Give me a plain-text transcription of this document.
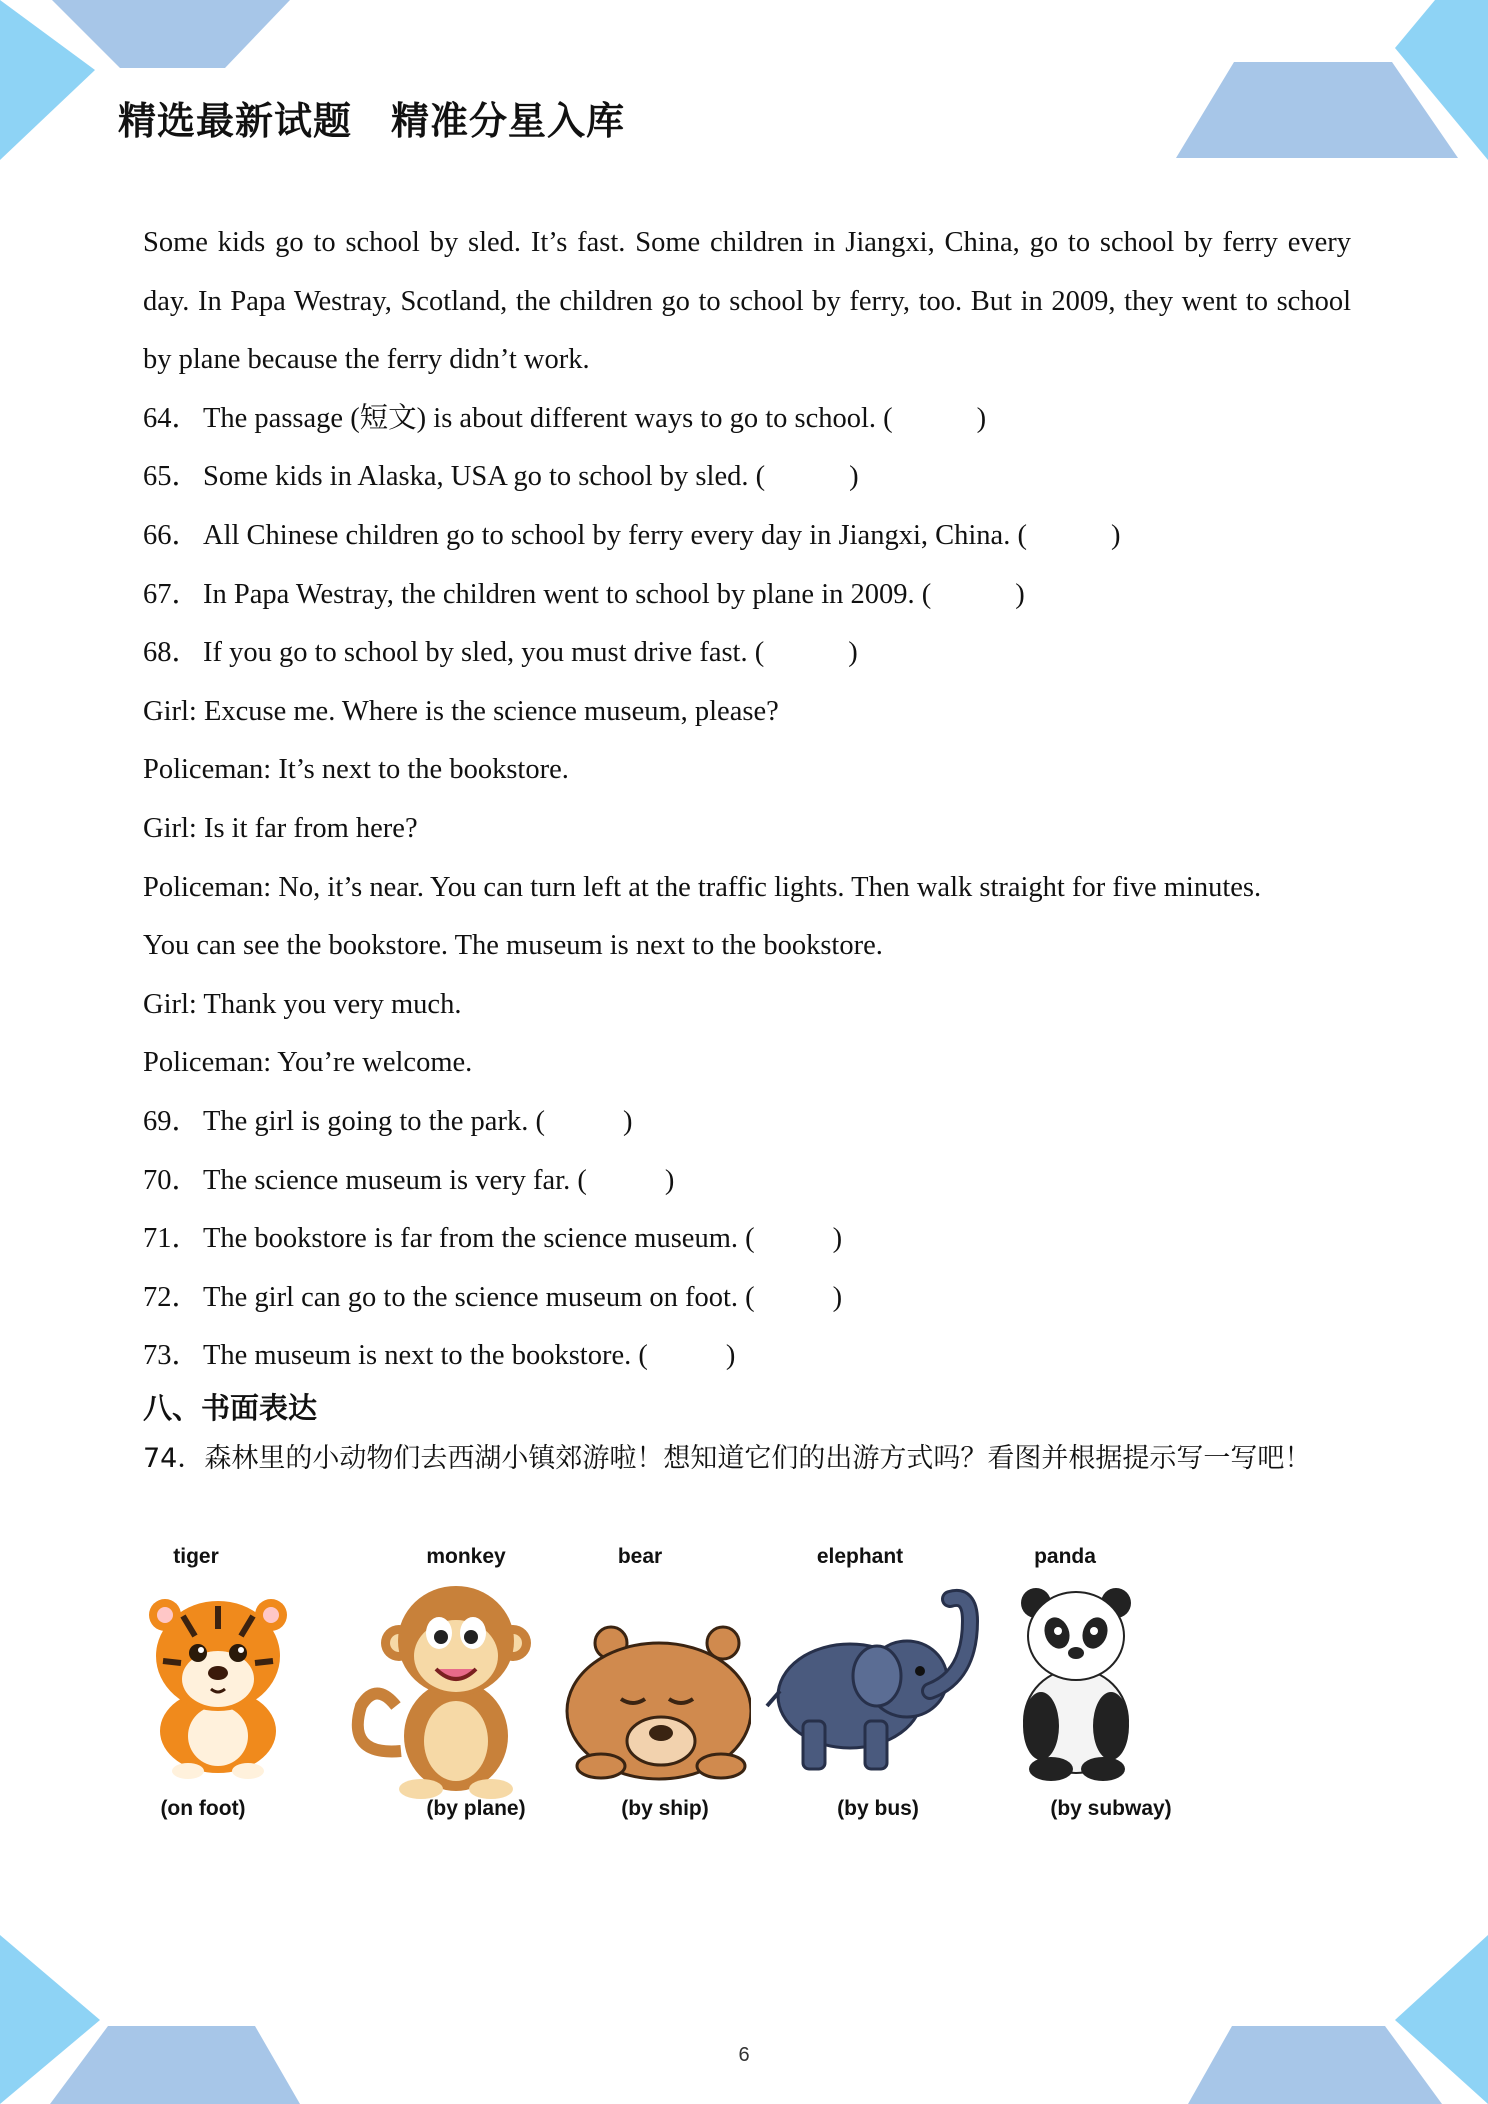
精选最新试题　精准分星入库

Some kids go to school by sled. It’s fast. Some children in Jiangxi, China, go to school by ferry every day. In Papa Westray, Scotland, the children go to school by ferry, too. But in 2009, they went to school by plane because the ferry didn’t work.

64． The passage (短文) is about different ways to go to school. (	)

65． Some kids in Alaska, USA go to school by sled. (	)

66． All Chinese children go to school by ferry every day in Jiangxi, China. (	)

67． In Papa Westray, the children went to school by plane in 2009. (	)

68． If you go to school by sled, you must drive fast. (	)

Girl: Excuse me. Where is the science museum, please?

Policeman: It’s next to the bookstore.

Girl: Is it far from here?

Policeman: No, it’s near. You can turn left at the traffic lights. Then walk straight for five minutes.

You can see the bookstore. The museum is next to the bookstore.

Girl: Thank you very much.

Policeman: You’re welcome.

69． The girl is going to the park. (	)

70． The science museum is very far. (	)

71． The bookstore is far from the science museum. (	)

72． The girl can go to the science museum on foot. (	)

73． The museum is next to the bookstore. (	)

八、书面表达

74．森林里的小动物们去西湖小镇郊游啦！想知道它们的出游方式吗？看图并根据提示写一写吧！

tiger
(on foot)
monkey
(by plane)
bear
(by ship)
elephant
(by bus)
panda
(by subway)
6
